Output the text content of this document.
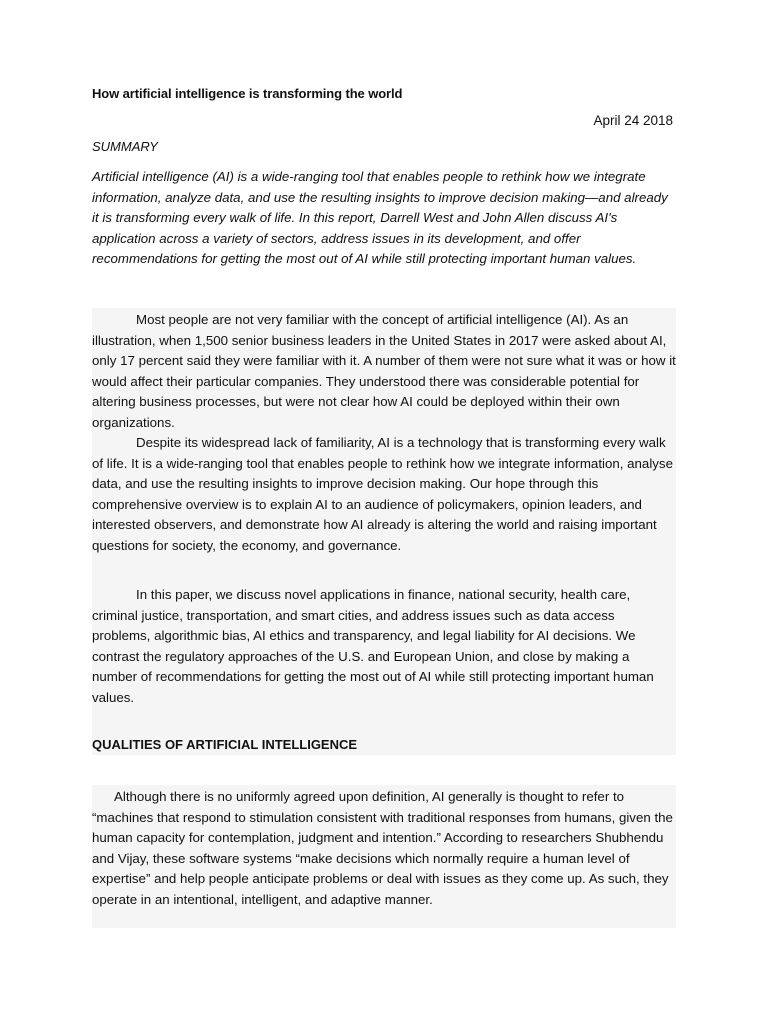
How artificial intelligence is transforming the world

April 24 2018

SUMMARY

Artificial intelligence (AI) is a wide-ranging tool that enables people to rethink how we integrate information, analyze data, and use the resulting insights to improve decision making—and already it is transforming every walk of life. In this report, Darrell West and John Allen discuss AI's application across a variety of sectors, address issues in its development, and offer recommendations for getting the most out of AI while still protecting important human values.

Most people are not very familiar with the concept of artificial intelligence (AI). As an illustration, when 1,500 senior business leaders in the United States in 2017 were asked about AI, only 17 percent said they were familiar with it. A number of them were not sure what it was or how it would affect their particular companies. They understood there was considerable potential for altering business processes, but were not clear how AI could be deployed within their own organizations.

Despite its widespread lack of familiarity, AI is a technology that is transforming every walk of life. It is a wide-ranging tool that enables people to rethink how we integrate information, analyse data, and use the resulting insights to improve decision making. Our hope through this comprehensive overview is to explain AI to an audience of policymakers, opinion leaders, and interested observers, and demonstrate how AI already is altering the world and raising important questions for society, the economy, and governance.

In this paper, we discuss novel applications in finance, national security, health care, criminal justice, transportation, and smart cities, and address issues such as data access problems, algorithmic bias, AI ethics and transparency, and legal liability for AI decisions. We contrast the regulatory approaches of the U.S. and European Union, and close by making a number of recommendations for getting the most out of AI while still protecting important human values.

QUALITIES OF ARTIFICIAL INTELLIGENCE

Although there is no uniformly agreed upon definition, AI generally is thought to refer to “machines that respond to stimulation consistent with traditional responses from humans, given the human capacity for contemplation, judgment and intention.” According to researchers Shubhendu and Vijay, these software systems “make decisions which normally require a human level of expertise” and help people anticipate problems or deal with issues as they come up. As such, they operate in an intentional, intelligent, and adaptive manner.
